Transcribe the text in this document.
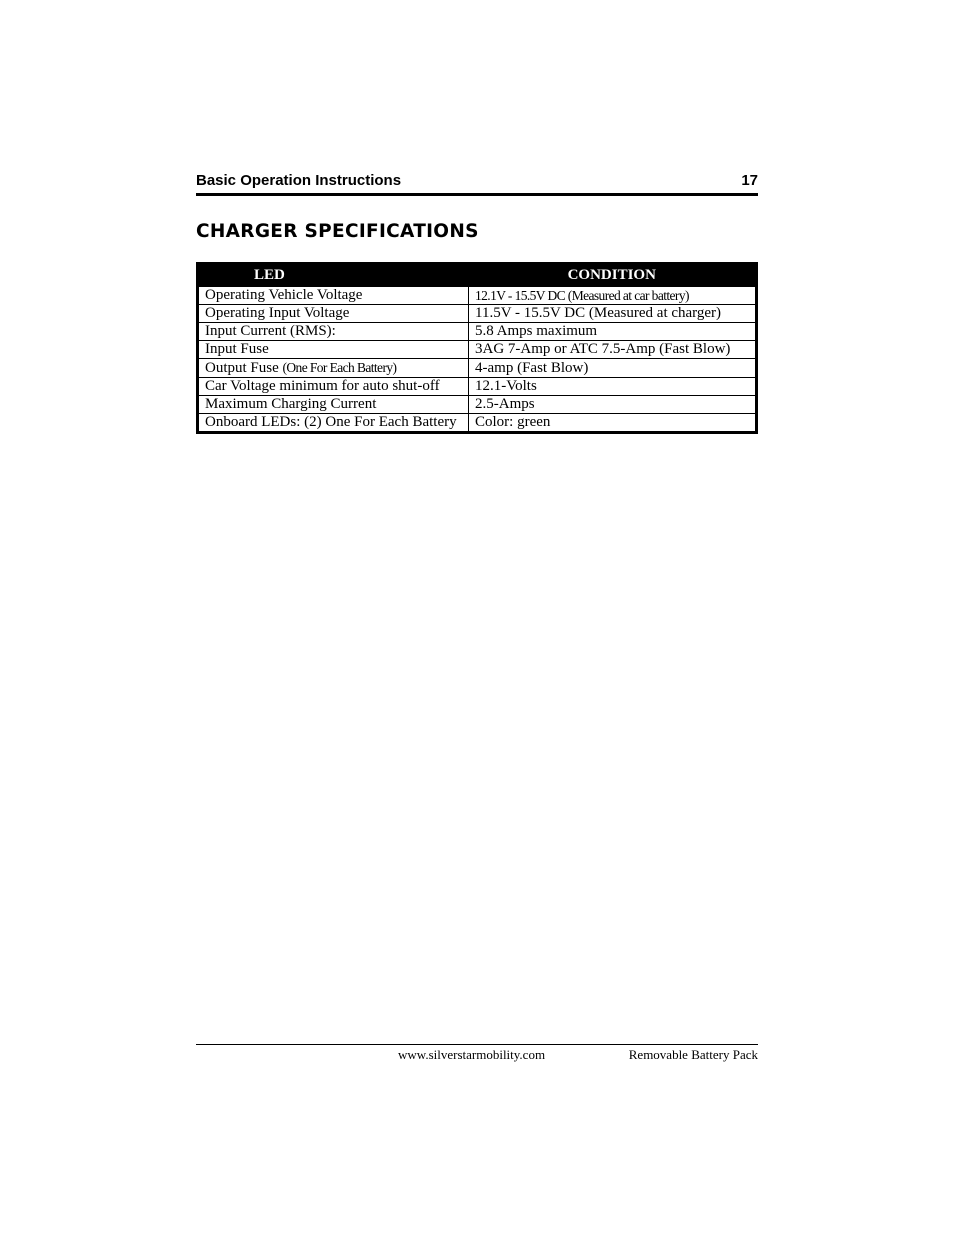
Basic Operation Instructions	17
CHARGER SPECIFICATIONS
LED	CONDITION
Operating Vehicle Voltage	12.1V - 15.5V DC (Measured at car battery)
Operating Input Voltage	11.5V - 15.5V DC (Measured at charger)
Input Current (RMS):	5.8 Amps maximum
Input Fuse	3AG 7-Amp or ATC 7.5-Amp (Fast Blow)
Output Fuse (One For Each Battery)	4-amp (Fast Blow)
Car Voltage minimum for auto shut-off	12.1-Volts
Maximum Charging Current	2.5-Amps
Onboard LEDs: (2) One For Each Battery	Color: green
www.silverstarmobility.com	Removable Battery Pack
